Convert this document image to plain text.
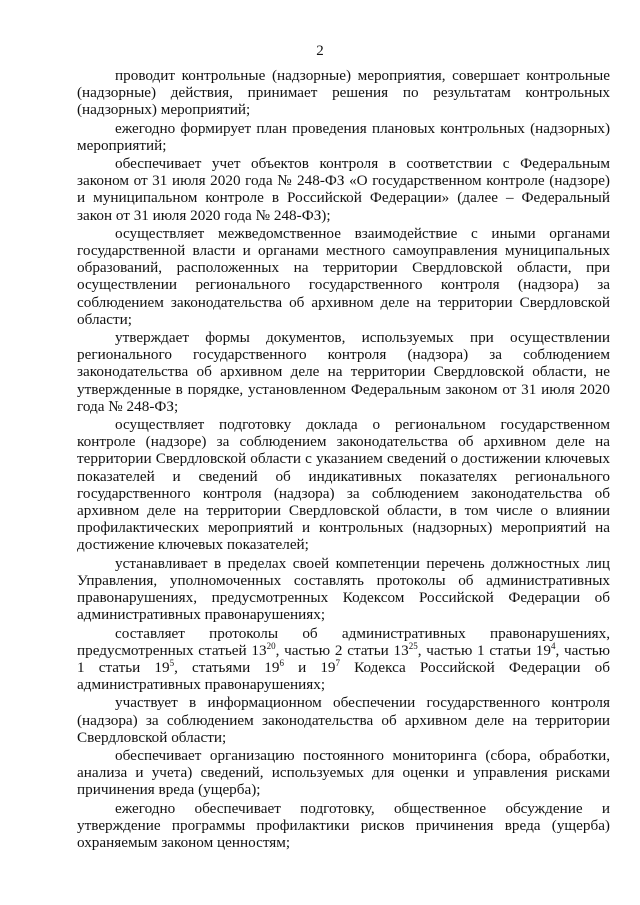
2

проводит контрольные (надзорные) мероприятия, совершает контрольные (надзорные) действия, принимает решения по результатам контрольных (надзорных) мероприятий;

ежегодно формирует план проведения плановых контрольных (надзорных) мероприятий;

обеспечивает учет объектов контроля в соответствии с Федеральным законом от 31 июля 2020 года № 248-ФЗ «О государственном контроле (надзоре) и муниципальном контроле в Российской Федерации» (далее – Федеральный закон от 31 июля 2020 года № 248-ФЗ);

осуществляет межведомственное взаимодействие с иными органами государственной власти и органами местного самоуправления муниципальных образований, расположенных на территории Свердловской области, при осуществлении регионального государственного контроля (надзора) за соблюдением законодательства об архивном деле на территории Свердловской области;

утверждает формы документов, используемых при осуществлении регионального государственного контроля (надзора) за соблюдением законодательства об архивном деле на территории Свердловской области, не утвержденные в порядке, установленном Федеральным законом от 31 июля 2020 года № 248-ФЗ;

осуществляет подготовку доклада о региональном государственном контроле (надзоре) за соблюдением законодательства об архивном деле на территории Свердловской области с указанием сведений о достижении ключевых показателей и сведений об индикативных показателях регионального государственного контроля (надзора) за соблюдением законодательства об архивном деле на территории Свердловской области, в том числе о влиянии профилактических мероприятий и контрольных (надзорных) мероприятий на достижение ключевых показателей;

устанавливает в пределах своей компетенции перечень должностных лиц Управления, уполномоченных составлять протоколы об административных правонарушениях, предусмотренных Кодексом Российской Федерации об административных правонарушениях;

составляет протоколы об административных правонарушениях, предусмотренных статьей $13^{20}$, частью 2 статьи $13^{25}$, частью 1 статьи $19^4$, частью 1 статьи $19^5$, статьями $19^6$ и $19^7$ Кодекса Российской Федерации об административных правонарушениях;

участвует в информационном обеспечении государственного контроля (надзора) за соблюдением законодательства об архивном деле на территории Свердловской области;

обеспечивает организацию постоянного мониторинга (сбора, обработки, анализа и учета) сведений, используемых для оценки и управления рисками причинения вреда (ущерба);

ежегодно обеспечивает подготовку, общественное обсуждение и утверждение программы профилактики рисков причинения вреда (ущерба) охраняемым законом ценностям;
